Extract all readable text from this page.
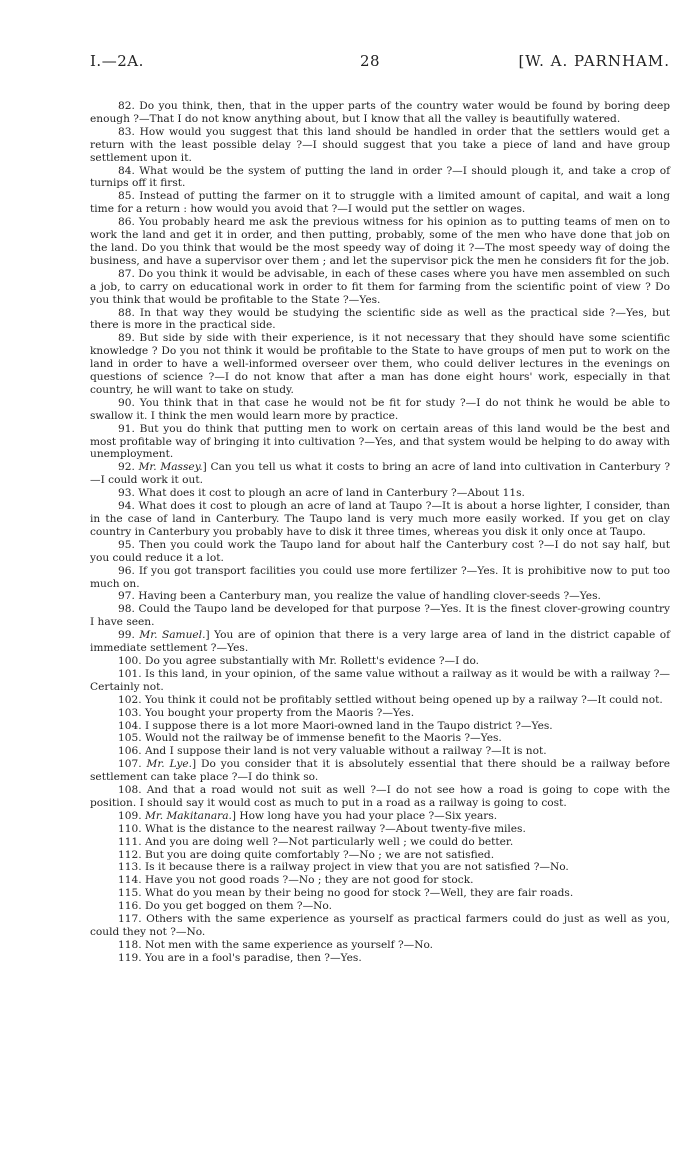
I.—2A.	28	[W. A. PARNHAM.

82. Do you think, then, that in the upper parts of the country water would be found by boring deep enough ?—That I do not know anything about, but I know that all the valley is beautifully watered.

83. How would you suggest that this land should be handled in order that the settlers would get a return with the least possible delay ?—I should suggest that you take a piece of land and have group settlement upon it.

84. What would be the system of putting the land in order ?—I should plough it, and take a crop of turnips off it first.

85. Instead of putting the farmer on it to struggle with a limited amount of capital, and wait a long time for a return : how would you avoid that ?—I would put the settler on wages.

86. You probably heard me ask the previous witness for his opinion as to putting teams of men on to work the land and get it in order, and then putting, probably, some of the men who have done that job on the land. Do you think that would be the most speedy way of doing it ?—The most speedy way of doing the business, and have a supervisor over them ; and let the supervisor pick the men he considers fit for the job.

87. Do you think it would be advisable, in each of these cases where you have men assembled on such a job, to carry on educational work in order to fit them for farming from the scientific point of view ? Do you think that would be profitable to the State ?—Yes.

88. In that way they would be studying the scientific side as well as the practical side ?—Yes, but there is more in the practical side.

89. But side by side with their experience, is it not necessary that they should have some scientific knowledge ? Do you not think it would be profitable to the State to have groups of men put to work on the land in order to have a well-informed overseer over them, who could deliver lectures in the evenings on questions of science ?—I do not know that after a man has done eight hours' work, especially in that country, he will want to take on study.

90. You think that in that case he would not be fit for study ?—I do not think he would be able to swallow it. I think the men would learn more by practice.

91. But you do think that putting men to work on certain areas of this land would be the best and most profitable way of bringing it into cultivation ?—Yes, and that system would be helping to do away with unemployment.

92. Mr. Massey.] Can you tell us what it costs to bring an acre of land into cultivation in Canterbury ?—I could work it out.

93. What does it cost to plough an acre of land in Canterbury ?—About 11s.

94. What does it cost to plough an acre of land at Taupo ?—It is about a horse lighter, I consider, than in the case of land in Canterbury. The Taupo land is very much more easily worked. If you get on clay country in Canterbury you probably have to disk it three times, whereas you disk it only once at Taupo.

95. Then you could work the Taupo land for about half the Canterbury cost ?—I do not say half, but you could reduce it a lot.

96. If you got transport facilities you could use more fertilizer ?—Yes. It is prohibitive now to put too much on.

97. Having been a Canterbury man, you realize the value of handling clover-seeds ?—Yes.

98. Could the Taupo land be developed for that purpose ?—Yes. It is the finest clover-growing country I have seen.

99. Mr. Samuel.] You are of opinion that there is a very large area of land in the district capable of immediate settlement ?—Yes.

100. Do you agree substantially with Mr. Rollett's evidence ?—I do.

101. Is this land, in your opinion, of the same value without a railway as it would be with a railway ?—Certainly not.

102. You think it could not be profitably settled without being opened up by a railway ?—It could not.

103. You bought your property from the Maoris ?—Yes.

104. I suppose there is a lot more Maori-owned land in the Taupo district ?—Yes.

105. Would not the railway be of immense benefit to the Maoris ?—Yes.

106. And I suppose their land is not very valuable without a railway ?—It is not.

107. Mr. Lye.] Do you consider that it is absolutely essential that there should be a railway before settlement can take place ?—I do think so.

108. And that a road would not suit as well ?—I do not see how a road is going to cope with the position. I should say it would cost as much to put in a road as a railway is going to cost.

109. Mr. Makitanara.] How long have you had your place ?—Six years.

110. What is the distance to the nearest railway ?—About twenty-five miles.

111. And you are doing well ?—Not particularly well ; we could do better.

112. But you are doing quite comfortably ?—No ; we are not satisfied.

113. Is it because there is a railway project in view that you are not satisfied ?—No.

114. Have you not good roads ?—No ; they are not good for stock.

115. What do you mean by their being no good for stock ?—Well, they are fair roads.

116. Do you get bogged on them ?—No.

117. Others with the same experience as yourself as practical farmers could do just as well as you, could they not ?—No.

118. Not men with the same experience as yourself ?—No.

119. You are in a fool's paradise, then ?—Yes.
